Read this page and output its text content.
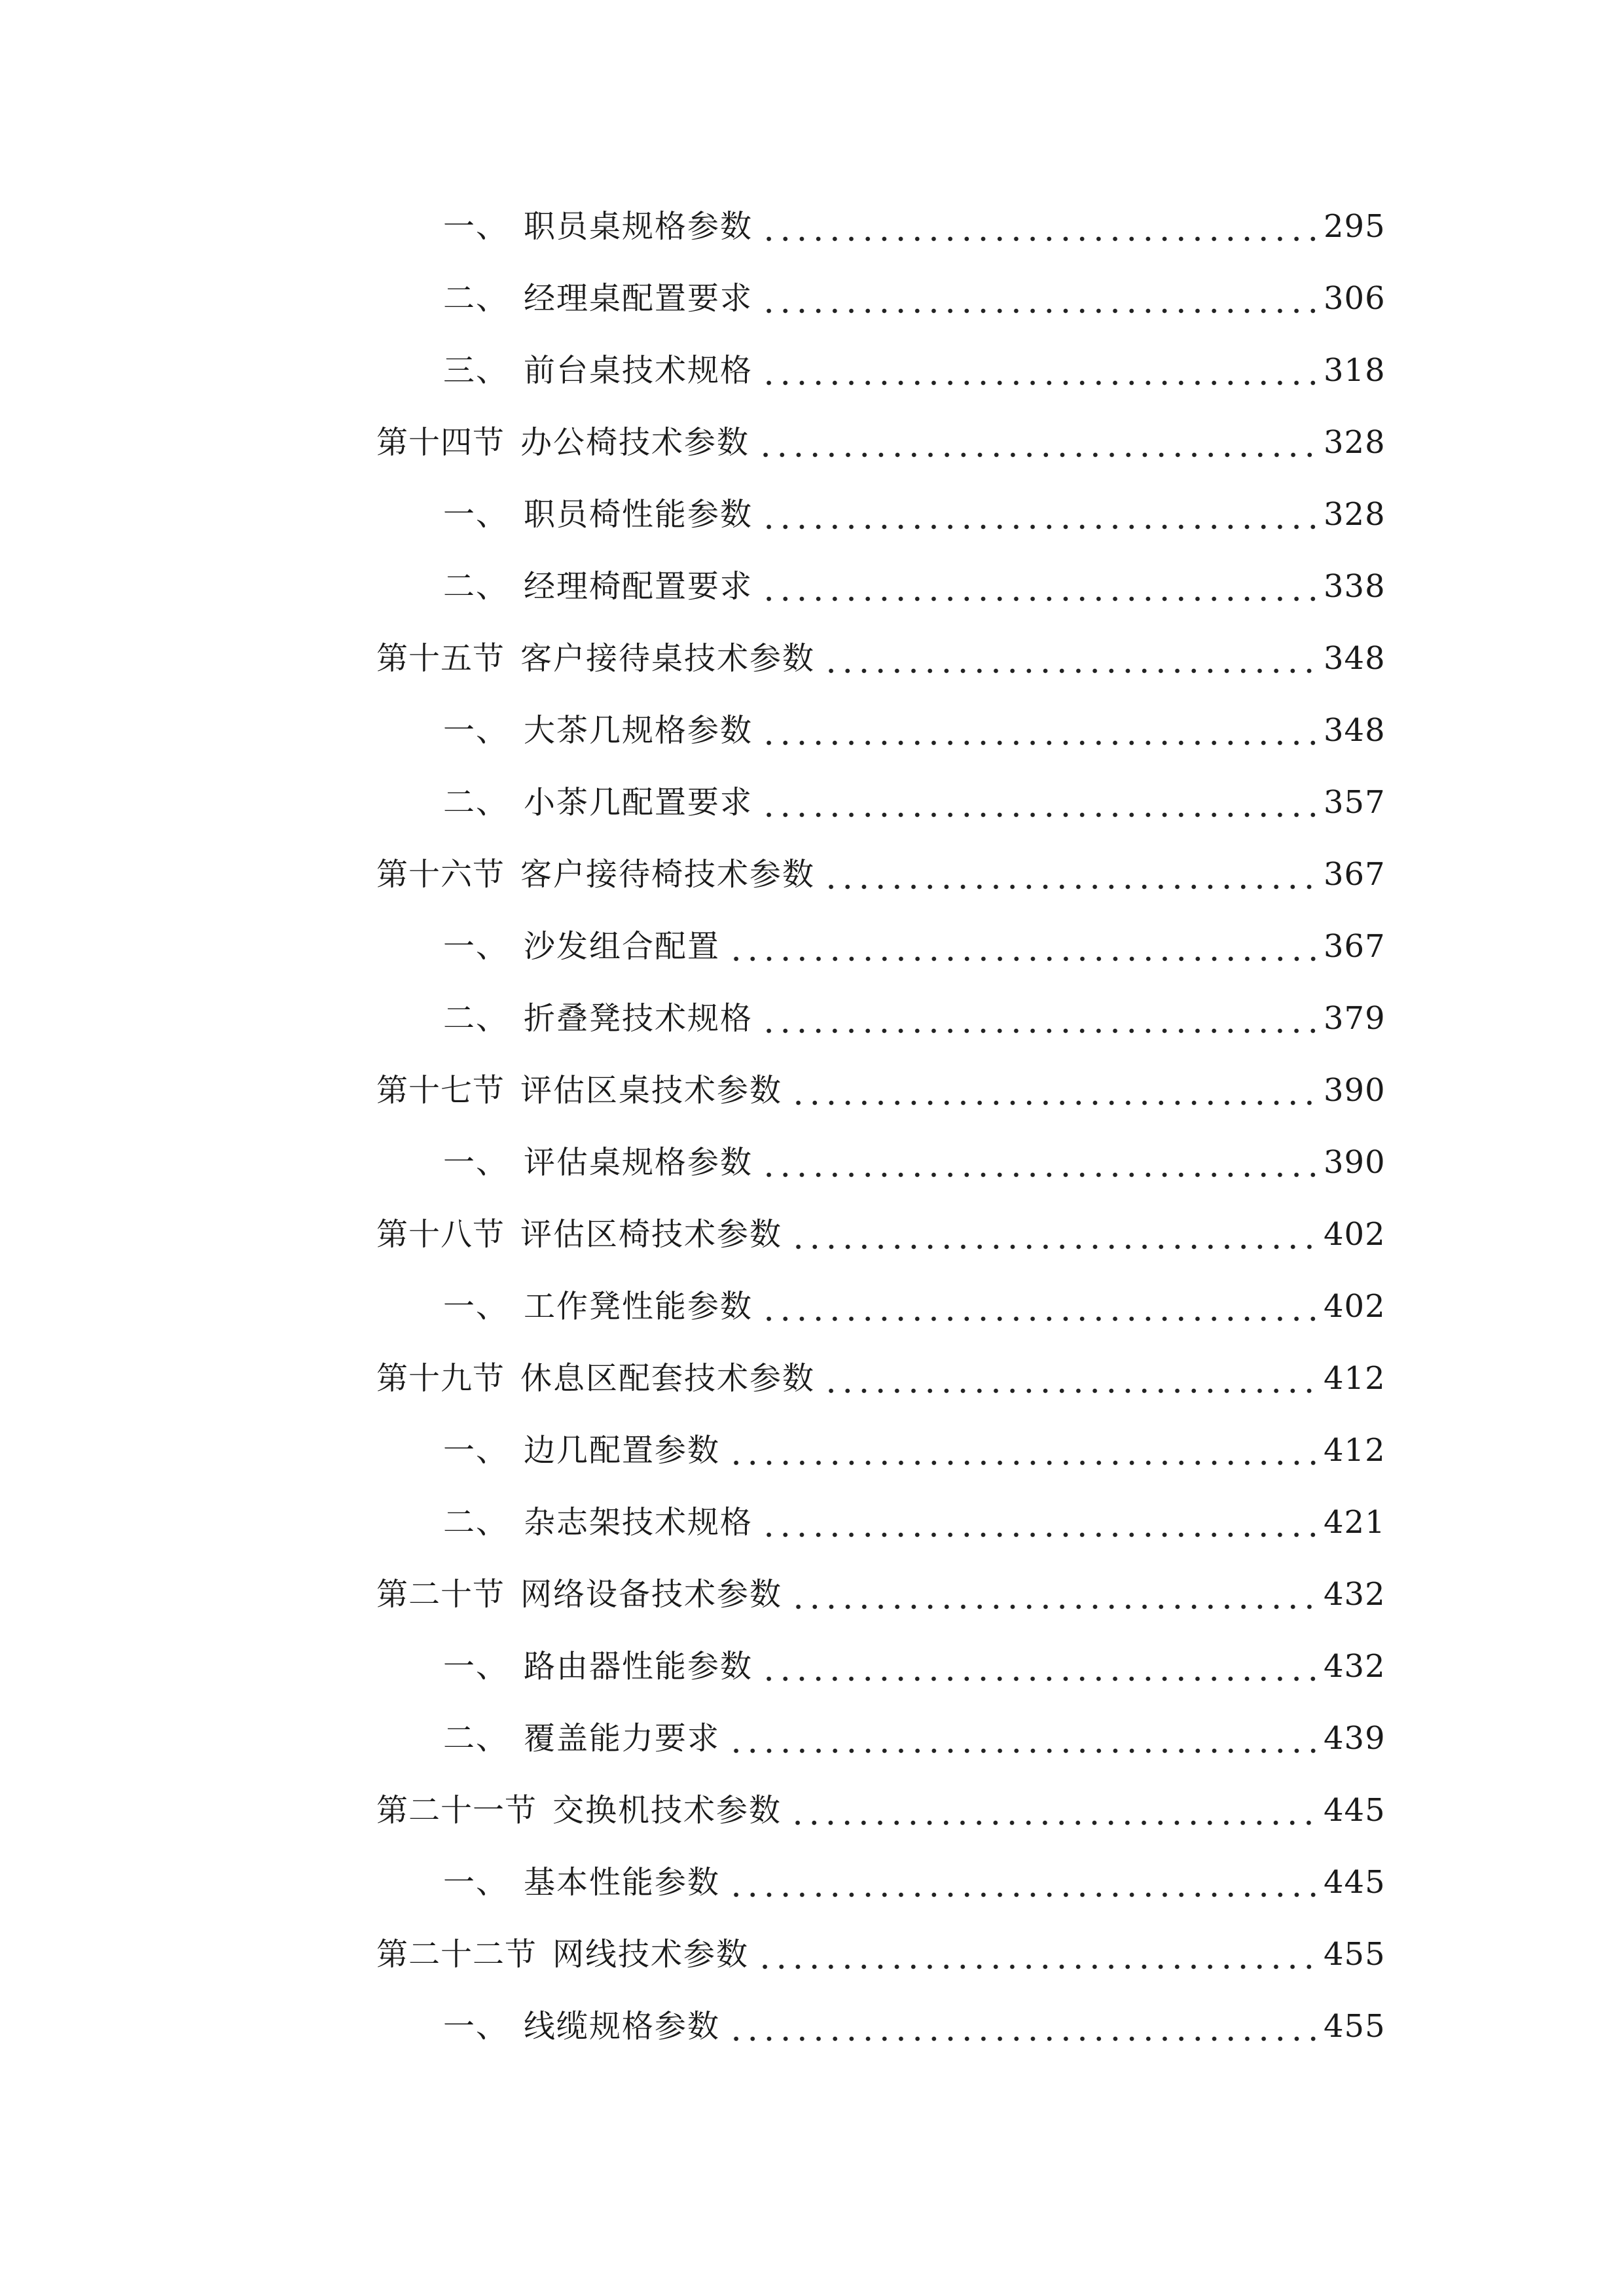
一、 职员桌规格参数	295
二、 经理桌配置要求	306
三、 前台桌技术规格	318
第十四节 办公椅技术参数	328
一、 职员椅性能参数	328
二、 经理椅配置要求	338
第十五节 客户接待桌技术参数	348
一、 大茶几规格参数	348
二、 小茶几配置要求	357
第十六节 客户接待椅技术参数	367
一、 沙发组合配置	367
二、 折叠凳技术规格	379
第十七节 评估区桌技术参数	390
一、 评估桌规格参数	390
第十八节 评估区椅技术参数	402
一、 工作凳性能参数	402
第十九节 休息区配套技术参数	412
一、 边几配置参数	412
二、 杂志架技术规格	421
第二十节 网络设备技术参数	432
一、 路由器性能参数	432
二、 覆盖能力要求	439
第二十一节 交换机技术参数	445
一、 基本性能参数	445
第二十二节 网线技术参数	455
一、 线缆规格参数	455
